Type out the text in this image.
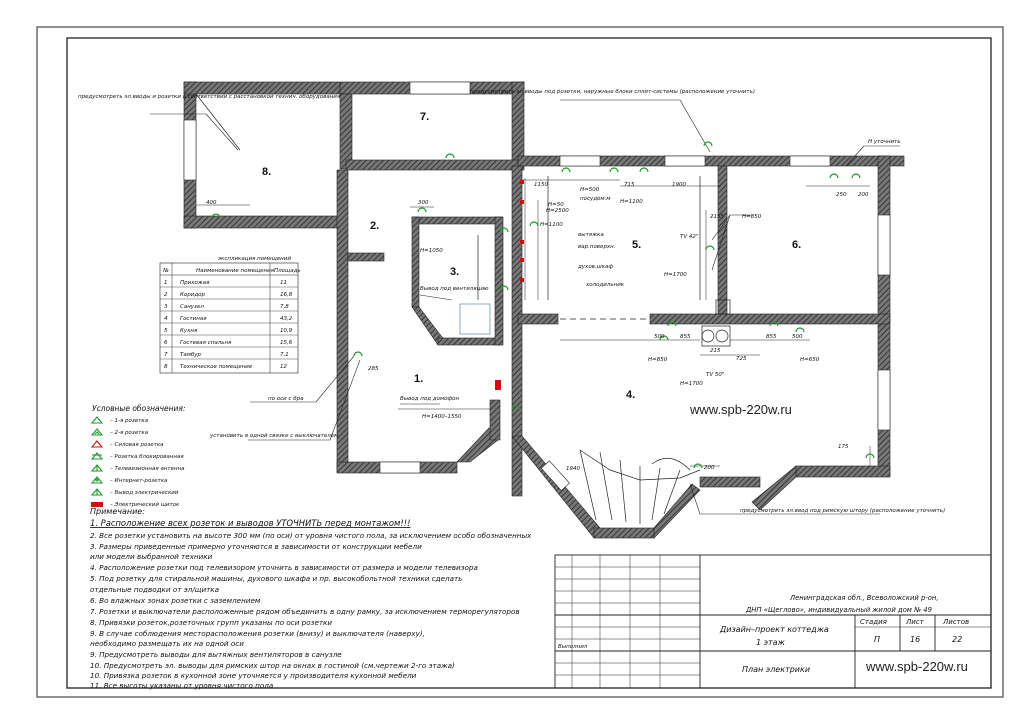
1.
2.
3.
4.
5.	6.
7.
8.
Н=1050
Н=2500
Н=1100
Н=50
Н=500
Н=1100
Н=850
Н=1700
Н=650
Н=850
Н=1700
400	300
250 200
1900
715
1150
500	855
725
215
855	500
200
1940
2155
175
285
Вывод под вентиляцию
Вывод под домофон
Н=1400–1550
посудом.м
вытяжка
вар.поверхн.
духов.шкаф
холодильник
TV 42"
TV 50"
экспликация помещений
№	Наименование помещения Площадь
1 Прихожая	11
2 Коридор	16,8
3 Санузел	7,8
4 Гостиная	43,2
5 Кухня	10,9
6 Гостевая спальня	15,6
7 Тамбур	7,1
8 Техническое помещение	12
Условные обозначения:
– 1-я розетка
– 2-я розетка
– Силовая розетка
– Розетка блокированная
– Телевизионная антенна
– Интернет-розетка
– Вывод электрический
– Электрический щиток
предусмотреть эл.вводы и розетки в соответствии с расстановкой технич. оборудования
предусмотреть эл.вводы под розетки, наружные блоки сплит-системы (расположение уточнить)
Н уточнить
по оси с бра
установить в одной связке с выключателем
предусмотреть эл.ввод под римскую штору (расположение уточнить)
www.spb-220w.ru
Примечание:
1. Расположение всех розеток и выводов УТОЧНИТЬ перед монтажом!!!
2. Все розетки установить на высоте 300 мм (по оси) от уровня чистого пола, за исключением особо обозначенных
3. Размеры приведенные примерно уточняются в зависимости от конструкции мебели
или модели выбранной техники
4. Расположение розетки под телевизором уточнить в зависимости от размера и модели телевизора
5. Под розетку для стиральной машины, духового шкафа и пр. высокобольтной техники сделать
отдельные подводки от эл/щитка
6. Во влажных зонах розетки с заземлением
7. Розетки и выключатели расположенные рядом объединить в одну рамку, за исключением терморегуляторов
8. Привязки розеток,розеточных групп указаны по оси розетки
9. В случае соблюдения месторасположения розетки (внизу) и выключателя (наверху),
необходимо размещать их на одной оси
9. Предусмотреть выводы для вытяжных вентиляторов в санузле
10. Предусмотреть эл. выводы для римских штор на окнах в гостиной (см.чертежи 2-го этажа)
10. Привязка розеток в кухонной зоне уточняется у производителя кухонной мебели
11. Все высоты указаны от уровня чистого пола
Выполнил
Ленинградская обл., Всеволожский р-он,
ДНП «Щеглово», индивидуальный жилой дом № 49
Дизайн–проект коттеджа
1 этаж
Стадия	Лист	Листов
П	16	22
План электрики	www.spb-220w.ru
